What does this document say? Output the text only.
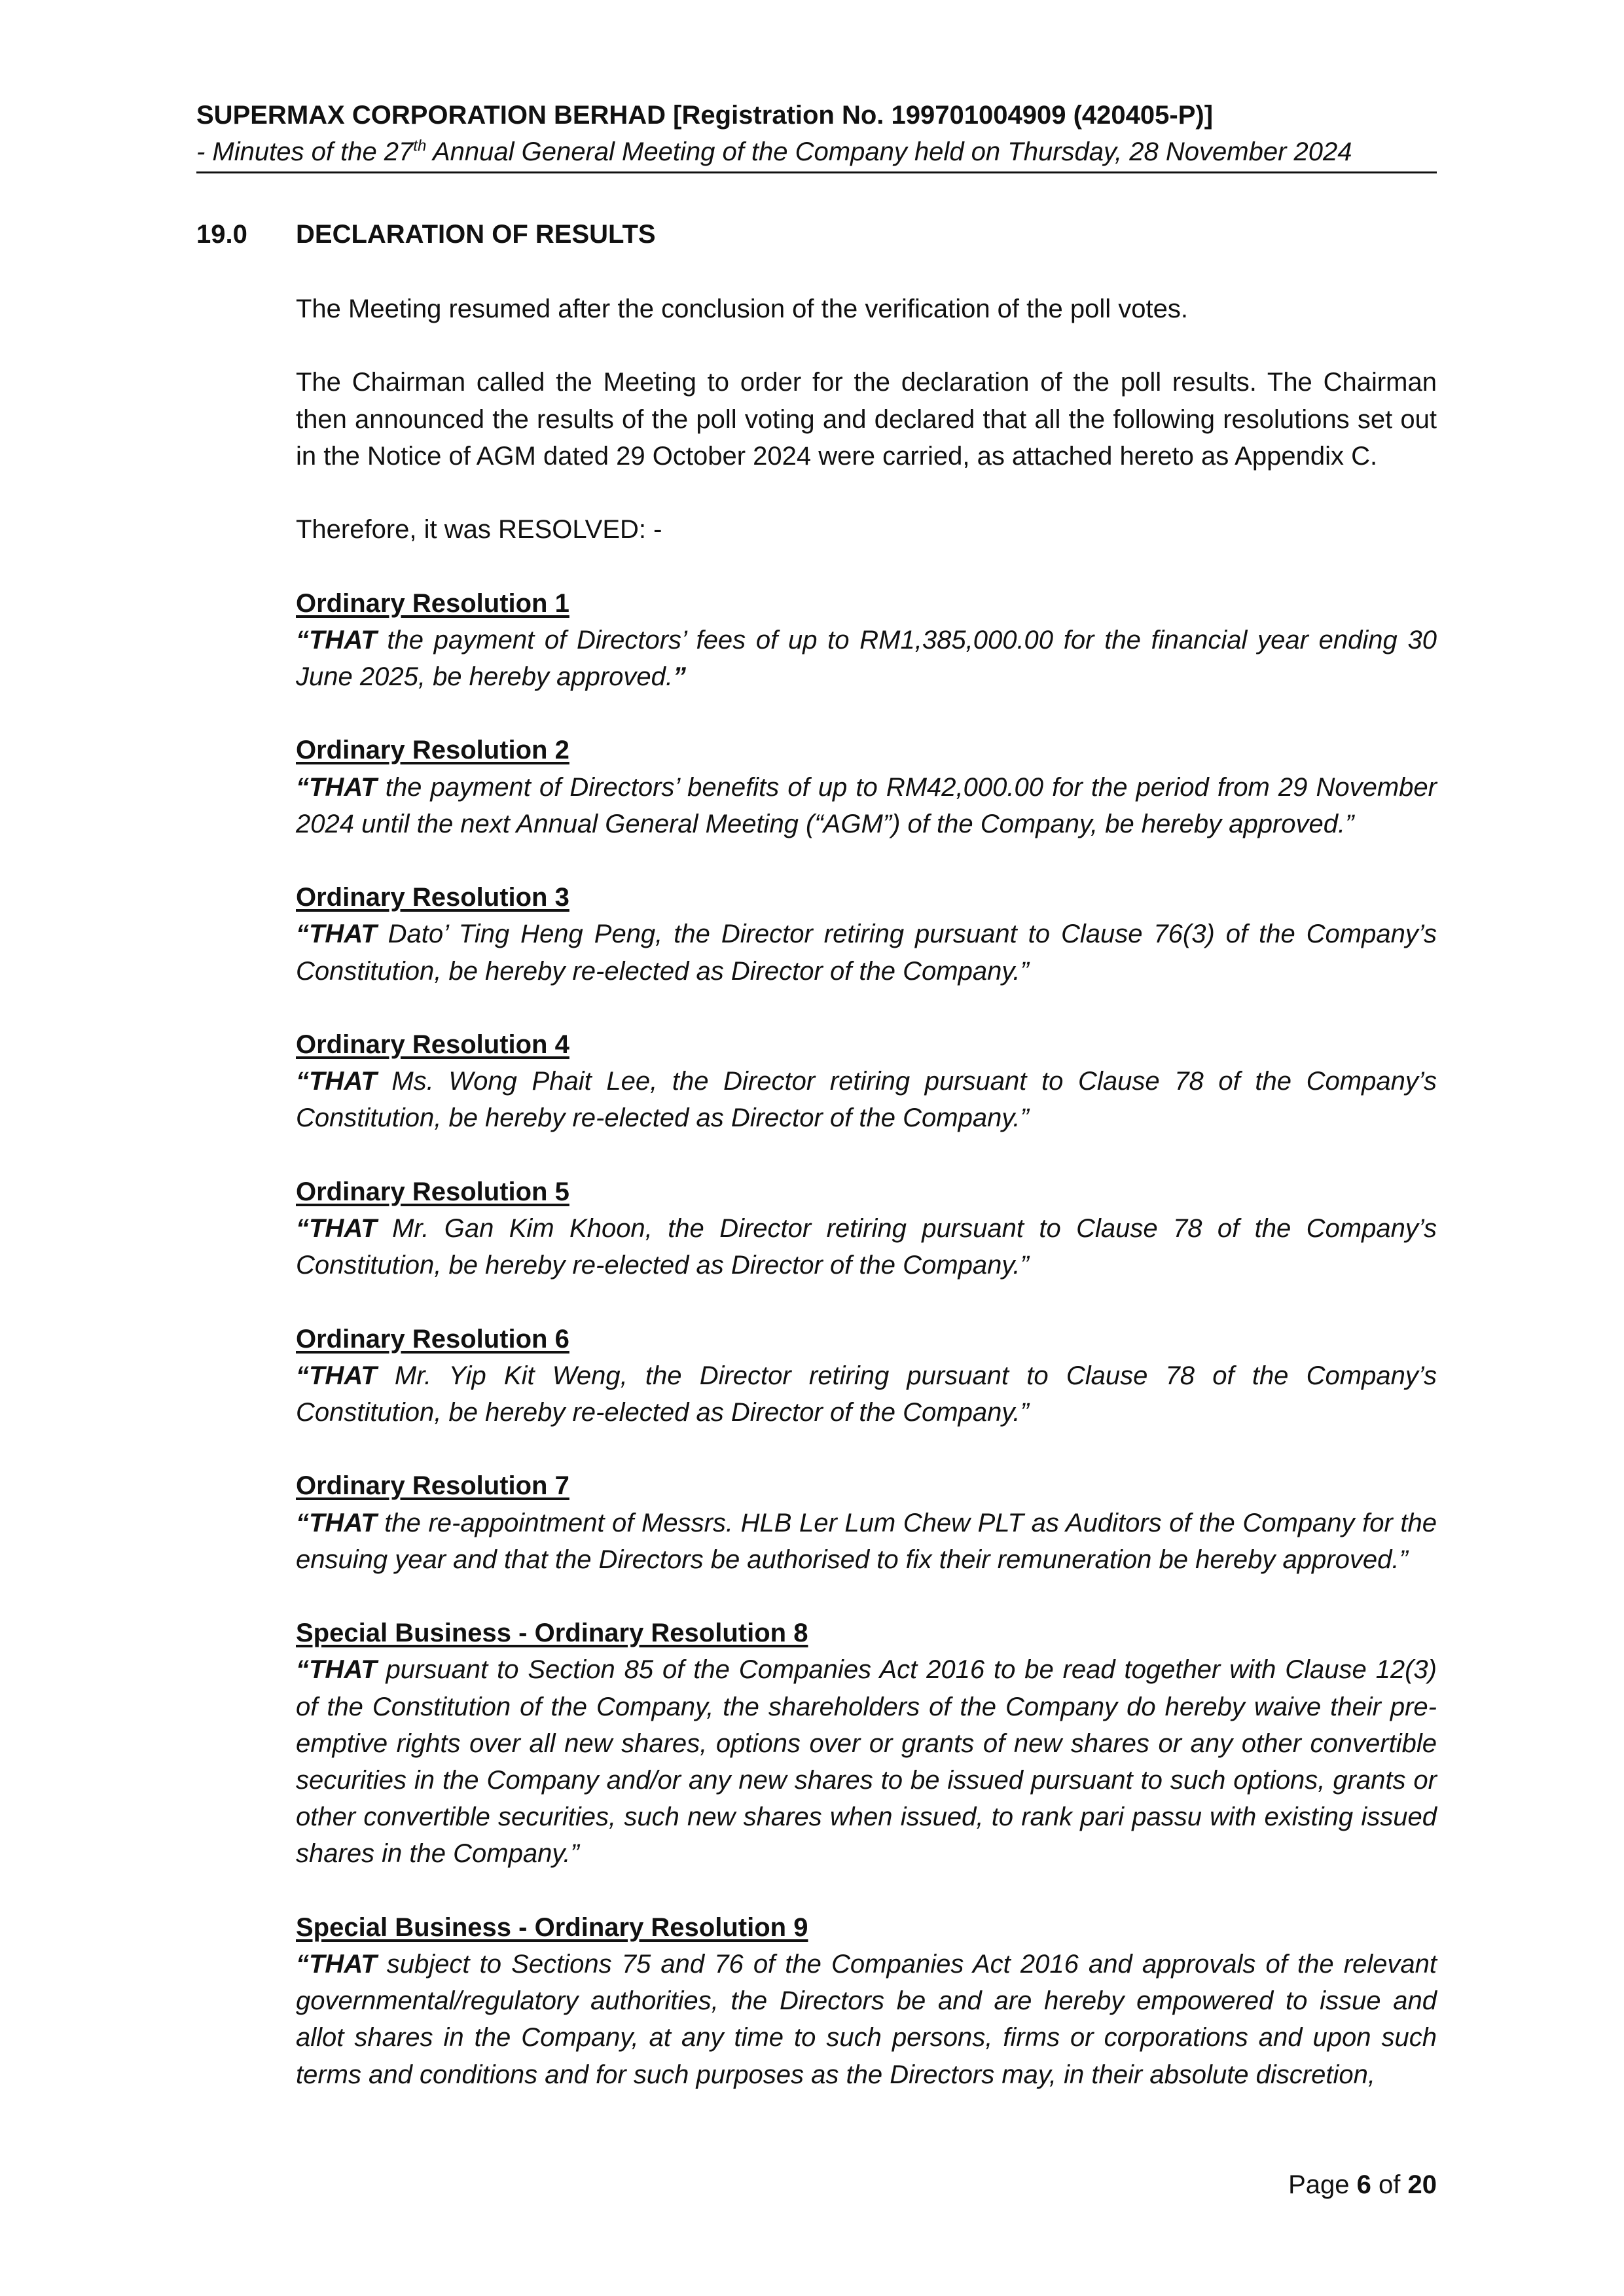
SUPERMAX CORPORATION BERHAD [Registration No. 199701004909 (420405-P)]
- Minutes of the 27th Annual General Meeting of the Company held on Thursday, 28 November 2024
19.0 DECLARATION OF RESULTS

The Meeting resumed after the conclusion of the verification of the poll votes.

The Chairman called the Meeting to order for the declaration of the poll results. The Chairman then announced the results of the poll voting and declared that all the following resolutions set out in the Notice of AGM dated 29 October 2024 were carried, as attached hereto as Appendix C.

Therefore, it was RESOLVED: -

Ordinary Resolution 1
“THAT the payment of Directors’ fees of up to RM1,385,000.00 for the financial year ending 30 June 2025, be hereby approved.”
Ordinary Resolution 2
“THAT the payment of Directors’ benefits of up to RM42,000.00 for the period from 29 November 2024 until the next Annual General Meeting (“AGM”) of the Company, be hereby approved.”
Ordinary Resolution 3
“THAT Dato’ Ting Heng Peng, the Director retiring pursuant to Clause 76(3) of the Company’s Constitution, be hereby re-elected as Director of the Company.”
Ordinary Resolution 4
“THAT Ms. Wong Phait Lee, the Director retiring pursuant to Clause 78 of the Company’s Constitution, be hereby re-elected as Director of the Company.”
Ordinary Resolution 5
“THAT Mr. Gan Kim Khoon, the Director retiring pursuant to Clause 78 of the Company’s Constitution, be hereby re-elected as Director of the Company.”
Ordinary Resolution 6
“THAT Mr. Yip Kit Weng, the Director retiring pursuant to Clause 78 of the Company’s Constitution, be hereby re-elected as Director of the Company.”
Ordinary Resolution 7
“THAT the re-appointment of Messrs. HLB Ler Lum Chew PLT as Auditors of the Company for the ensuing year and that the Directors be authorised to fix their remuneration be hereby approved.”
Special Business - Ordinary Resolution 8
“THAT pursuant to Section 85 of the Companies Act 2016 to be read together with Clause 12(3) of the Constitution of the Company, the shareholders of the Company do hereby waive their pre-emptive rights over all new shares, options over or grants of new shares or any other convertible securities in the Company and/or any new shares to be issued pursuant to such options, grants or other convertible securities, such new shares when issued, to rank pari passu with existing issued shares in the Company.”
Special Business - Ordinary Resolution 9
“THAT subject to Sections 75 and 76 of the Companies Act 2016 and approvals of the relevant governmental/regulatory authorities, the Directors be and are hereby empowered to issue and allot shares in the Company, at any time to such persons, firms or corporations and upon such terms and conditions and for such purposes as the Directors may, in their absolute discretion,
Page 6 of 20
